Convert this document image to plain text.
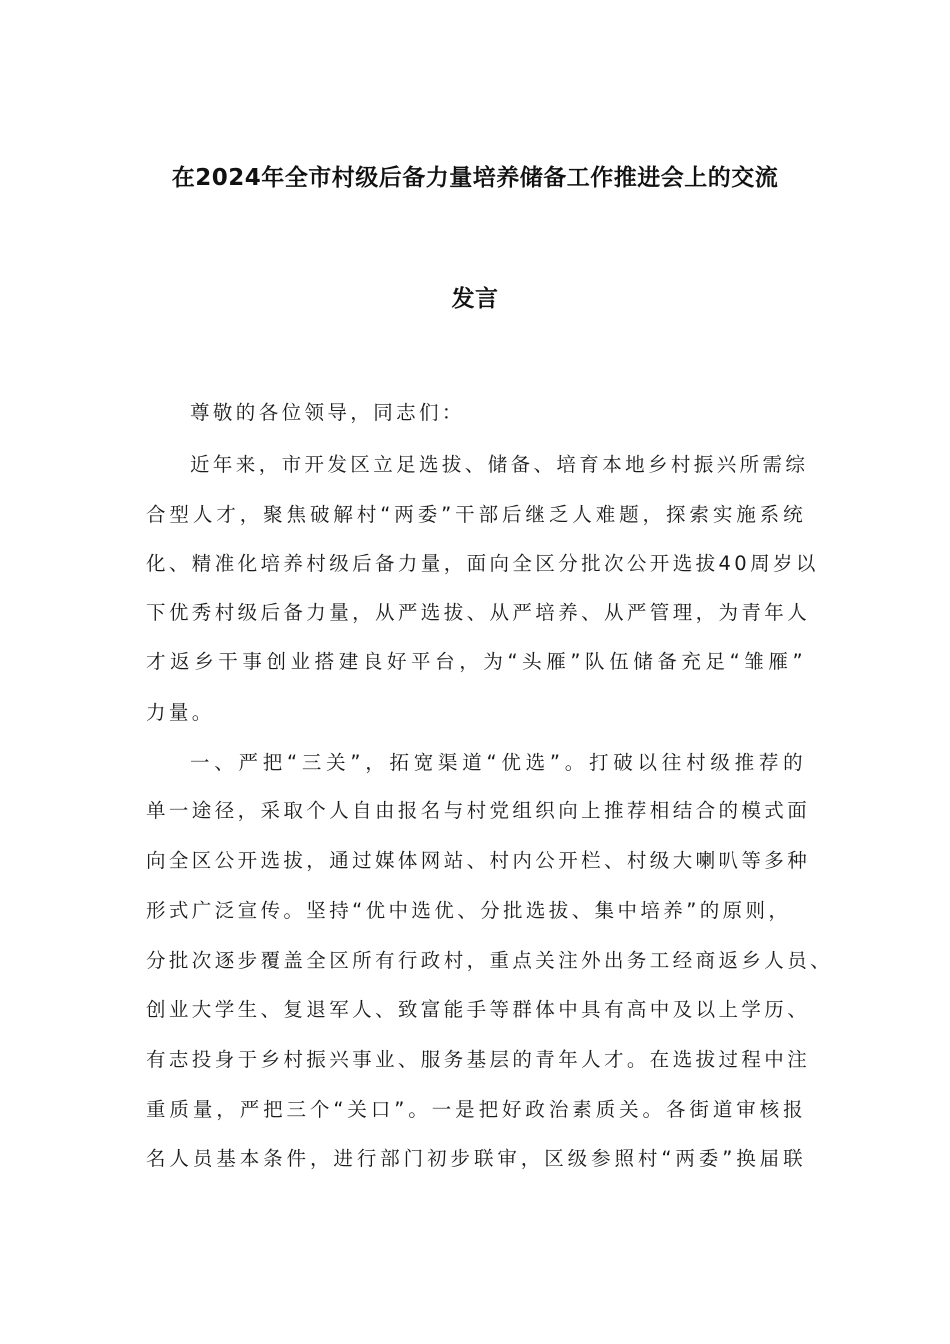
在2024年全市村级后备力量培养储备工作推进会上的交流
发言
尊敬的各位领导，同志们：
近年来，市开发区立足选拔、储备、培育本地乡村振兴所需综
合型人才，聚焦破解村“两委”干部后继乏人难题，探索实施系统
化、精准化培养村级后备力量，面向全区分批次公开选拔40周岁以
下优秀村级后备力量，从严选拔、从严培养、从严管理，为青年人
才返乡干事创业搭建良好平台，为“头雁”队伍储备充足“雏雁”
力量。
一、严把“三关”，拓宽渠道“优选”。打破以往村级推荐的
单一途径，采取个人自由报名与村党组织向上推荐相结合的模式面
向全区公开选拔，通过媒体网站、村内公开栏、村级大喇叭等多种
形式广泛宣传。坚持“优中选优、分批选拔、集中培养”的原则，
分批次逐步覆盖全区所有行政村，重点关注外出务工经商返乡人员、
创业大学生、复退军人、致富能手等群体中具有高中及以上学历、
有志投身于乡村振兴事业、服务基层的青年人才。在选拔过程中注
重质量，严把三个“关口”。一是把好政治素质关。各街道审核报
名人员基本条件，进行部门初步联审，区级参照村“两委”换届联
